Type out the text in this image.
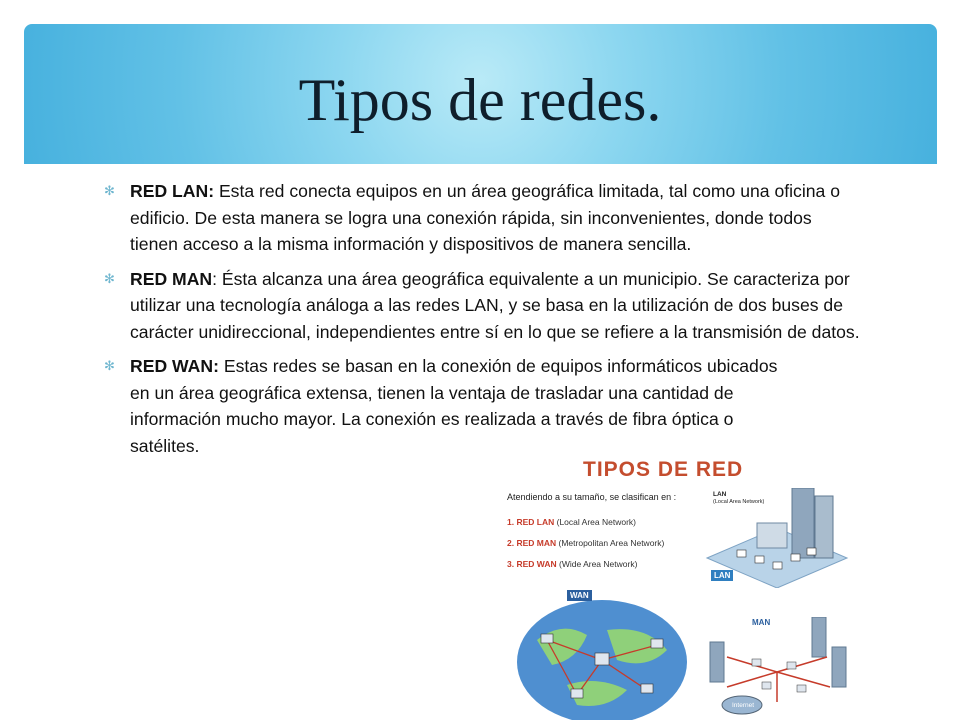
Tipos de redes.
✻ RED LAN: Esta red conecta equipos en un área geográfica limitada, tal como una oficina o edificio. De esta manera se logra una conexión rápida, sin inconvenientes, donde todos tienen acceso a la misma información y dispositivos de manera sencilla.
✻ RED MAN: Ésta alcanza una área geográfica equivalente a un municipio. Se caracteriza por utilizar una tecnología análoga a las redes LAN, y se basa en la utilización de dos buses de carácter unidireccional, independientes entre sí en lo que se refiere a la transmisión de datos.
✻ RED WAN: Estas redes se basan en la conexión de equipos informáticos ubicados en un área geográfica extensa, tienen la ventaja de trasladar una cantidad de información mucho mayor. La conexión es realizada a través de fibra óptica o satélites.
TIPOS DE RED
Atendiendo a su tamaño, se clasifican en :
1. RED LAN (Local Area Network)
2. RED MAN (Metropolitan Area Network)
3. RED WAN (Wide Area Network)
LAN
(Local Area Network)
LAN
WAN
MAN
Internet
